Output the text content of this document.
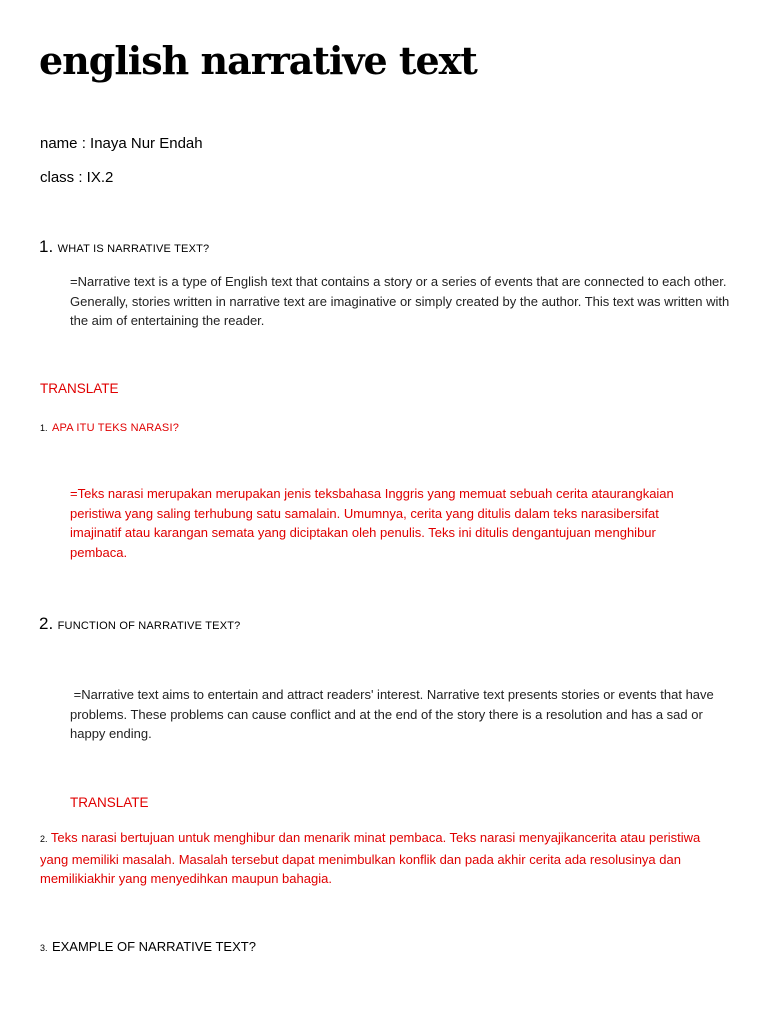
english narrative text
name : Inaya Nur Endah
class : IX.2
1. WHAT IS NARRATIVE TEXT?
=Narrative text is a type of English text that contains a story or a series of events that are connected to each other. Generally, stories written in narrative text are imaginative or simply created by the author. This text was written with the aim of entertaining the reader.
TRANSLATE
1. APA ITU TEKS NARASI?
=Teks narasi merupakan merupakan jenis teksbahasa Inggris yang memuat sebuah cerita ataurangkaian peristiwa yang saling terhubung satu samalain. Umumnya, cerita yang ditulis dalam teks narasibersifat imajinatif atau karangan semata yang diciptakan oleh penulis. Teks ini ditulis dengantujuan menghibur pembaca.
2. FUNCTION OF NARRATIVE TEXT?
=Narrative text aims to entertain and attract readers' interest. Narrative text presents stories or events that have problems. These problems can cause conflict and at the end of the story there is a resolution and has a sad or happy ending.
TRANSLATE
2. Teks narasi bertujuan untuk menghibur dan menarik minat pembaca. Teks narasi menyajikancerita atau peristiwa yang memiliki masalah. Masalah tersebut dapat menimbulkan konflik dan pada akhir cerita ada resolusinya dan memilikiakhir yang menyedihkan maupun bahagia.
3. EXAMPLE OF NARRATIVE TEXT?
